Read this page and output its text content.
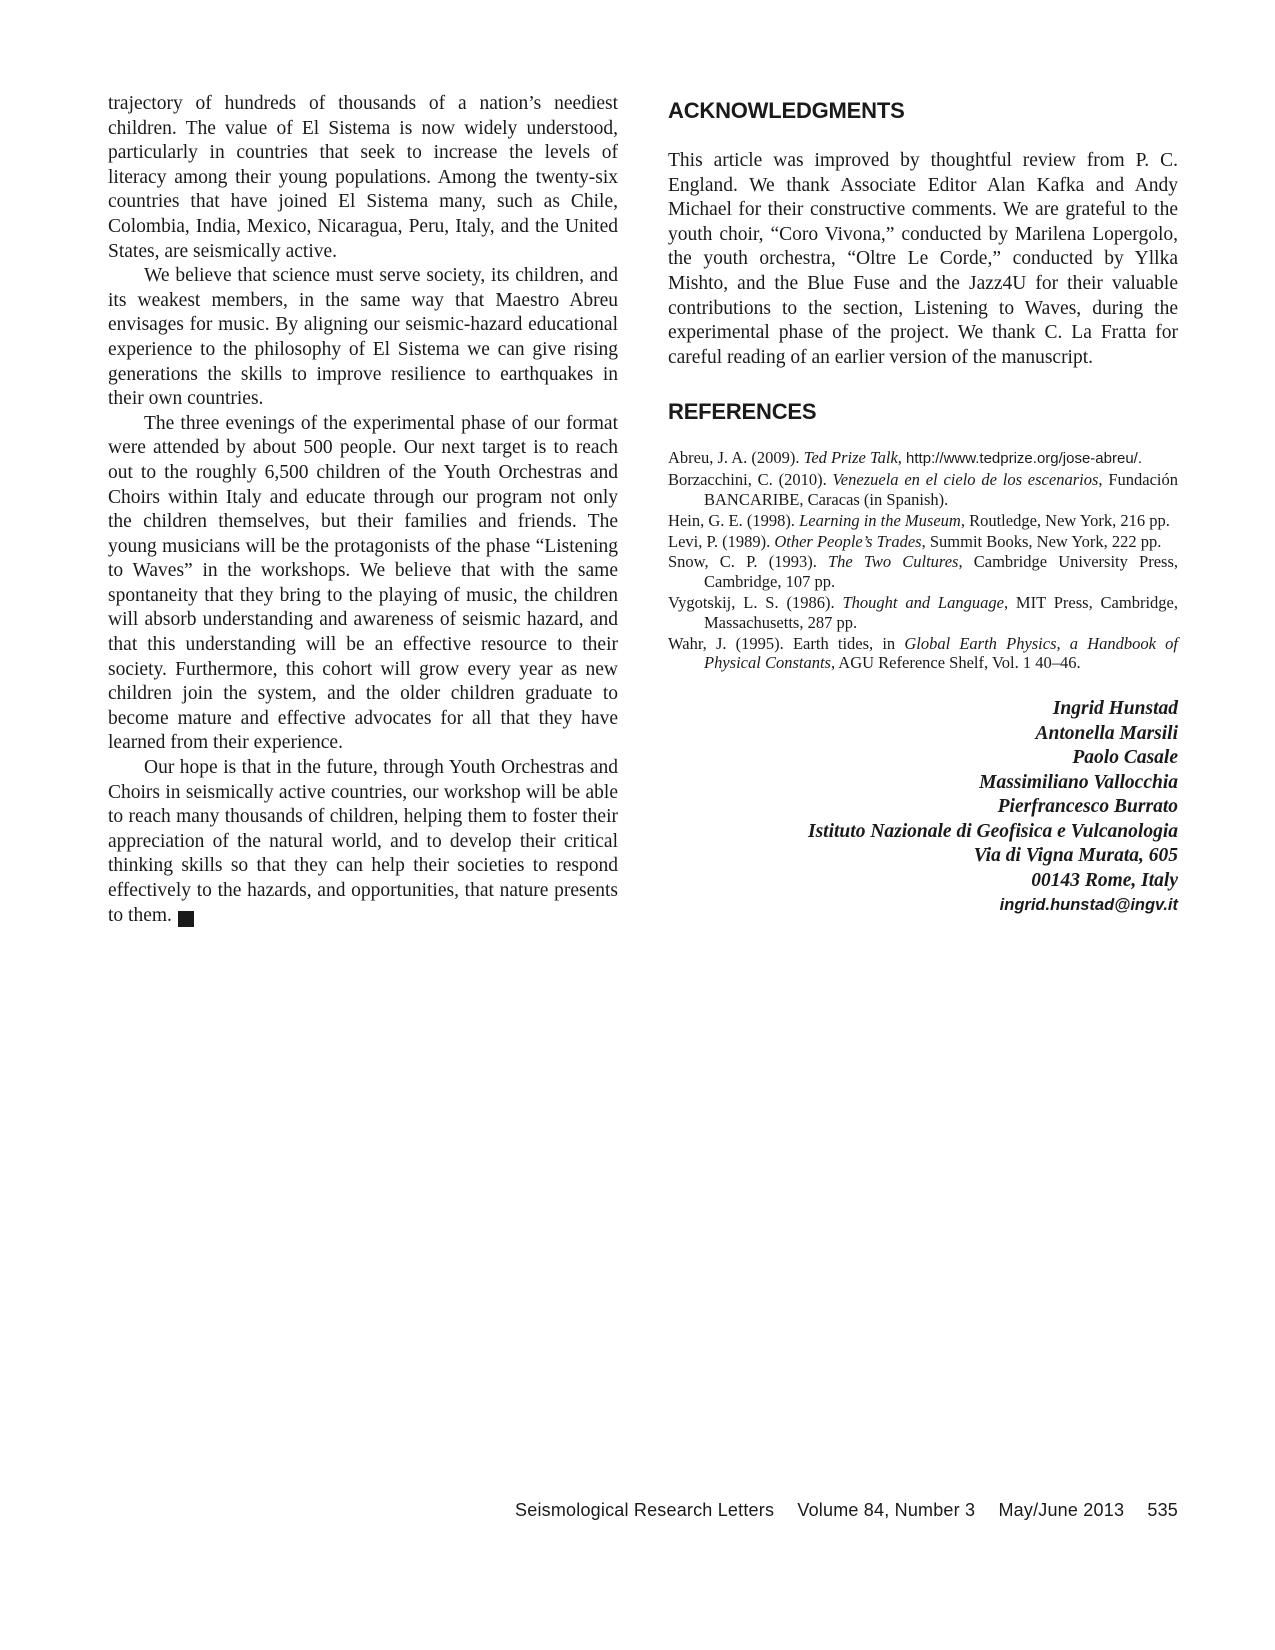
trajectory of hundreds of thousands of a nation’s neediest children. The value of El Sistema is now widely understood, particularly in countries that seek to increase the levels of literacy among their young populations. Among the twenty-six countries that have joined El Sistema many, such as Chile, Colombia, India, Mexico, Nicaragua, Peru, Italy, and the United States, are seismically active.

We believe that science must serve society, its children, and its weakest members, in the same way that Maestro Abreu envisages for music. By aligning our seismic-hazard educational experience to the philosophy of El Sistema we can give rising generations the skills to improve resilience to earthquakes in their own countries.

The three evenings of the experimental phase of our format were attended by about 500 people. Our next target is to reach out to the roughly 6,500 children of the Youth Orchestras and Choirs within Italy and educate through our program not only the children themselves, but their families and friends. The young musicians will be the protagonists of the phase “Listening to Waves” in the workshops. We believe that with the same spontaneity that they bring to the playing of music, the children will absorb understanding and awareness of seismic hazard, and that this understanding will be an effective resource to their society. Furthermore, this cohort will grow every year as new children join the system, and the older children graduate to become mature and effective advocates for all that they have learned from their experience.

Our hope is that in the future, through Youth Orchestras and Choirs in seismically active countries, our workshop will be able to reach many thousands of children, helping them to foster their appreciation of the natural world, and to develop their critical thinking skills so that they can help their societies to respond effectively to the hazards, and opportunities, that nature presents to them.	≷

ACKNOWLEDGMENTS

This article was improved by thoughtful review from P. C. England. We thank Associate Editor Alan Kafka and Andy Michael for their constructive comments. We are grateful to the youth choir, “Coro Vivona,” conducted by Marilena Lopergolo, the youth orchestra, “Oltre Le Corde,” conducted by Yllka Mishto, and the Blue Fuse and the Jazz4U for their valuable contributions to the section, Listening to Waves, during the experimental phase of the project. We thank C. La Fratta for careful reading of an earlier version of the manuscript.

REFERENCES

Abreu, J. A. (2009). Ted Prize Talk, http://www.tedprize.org/jose-abreu/.

Borzacchini, C. (2010). Venezuela en el cielo de los escenarios, Fundación BANCARIBE, Caracas (in Spanish).

Hein, G. E. (1998). Learning in the Museum, Routledge, New York, 216 pp.

Levi, P. (1989). Other People’s Trades, Summit Books, New York, 222 pp.

Snow, C. P. (1993). The Two Cultures, Cambridge University Press, Cambridge, 107 pp.

Vygotskij, L. S. (1986). Thought and Language, MIT Press, Cambridge, Massachusetts, 287 pp.

Wahr, J. (1995). Earth tides, in Global Earth Physics, a Handbook of Physical Constants, AGU Reference Shelf, Vol. 1 40–46.

Ingrid Hunstad
Antonella Marsili
Paolo Casale
Massimiliano Vallocchia
Pierfrancesco Burrato
Istituto Nazionale di Geofisica e Vulcanologia
Via di Vigna Murata, 605
00143 Rome, Italy
ingrid.hunstad@ingv.it
Seismological Research Letters Volume 84, Number 3 May/June 2013 535
